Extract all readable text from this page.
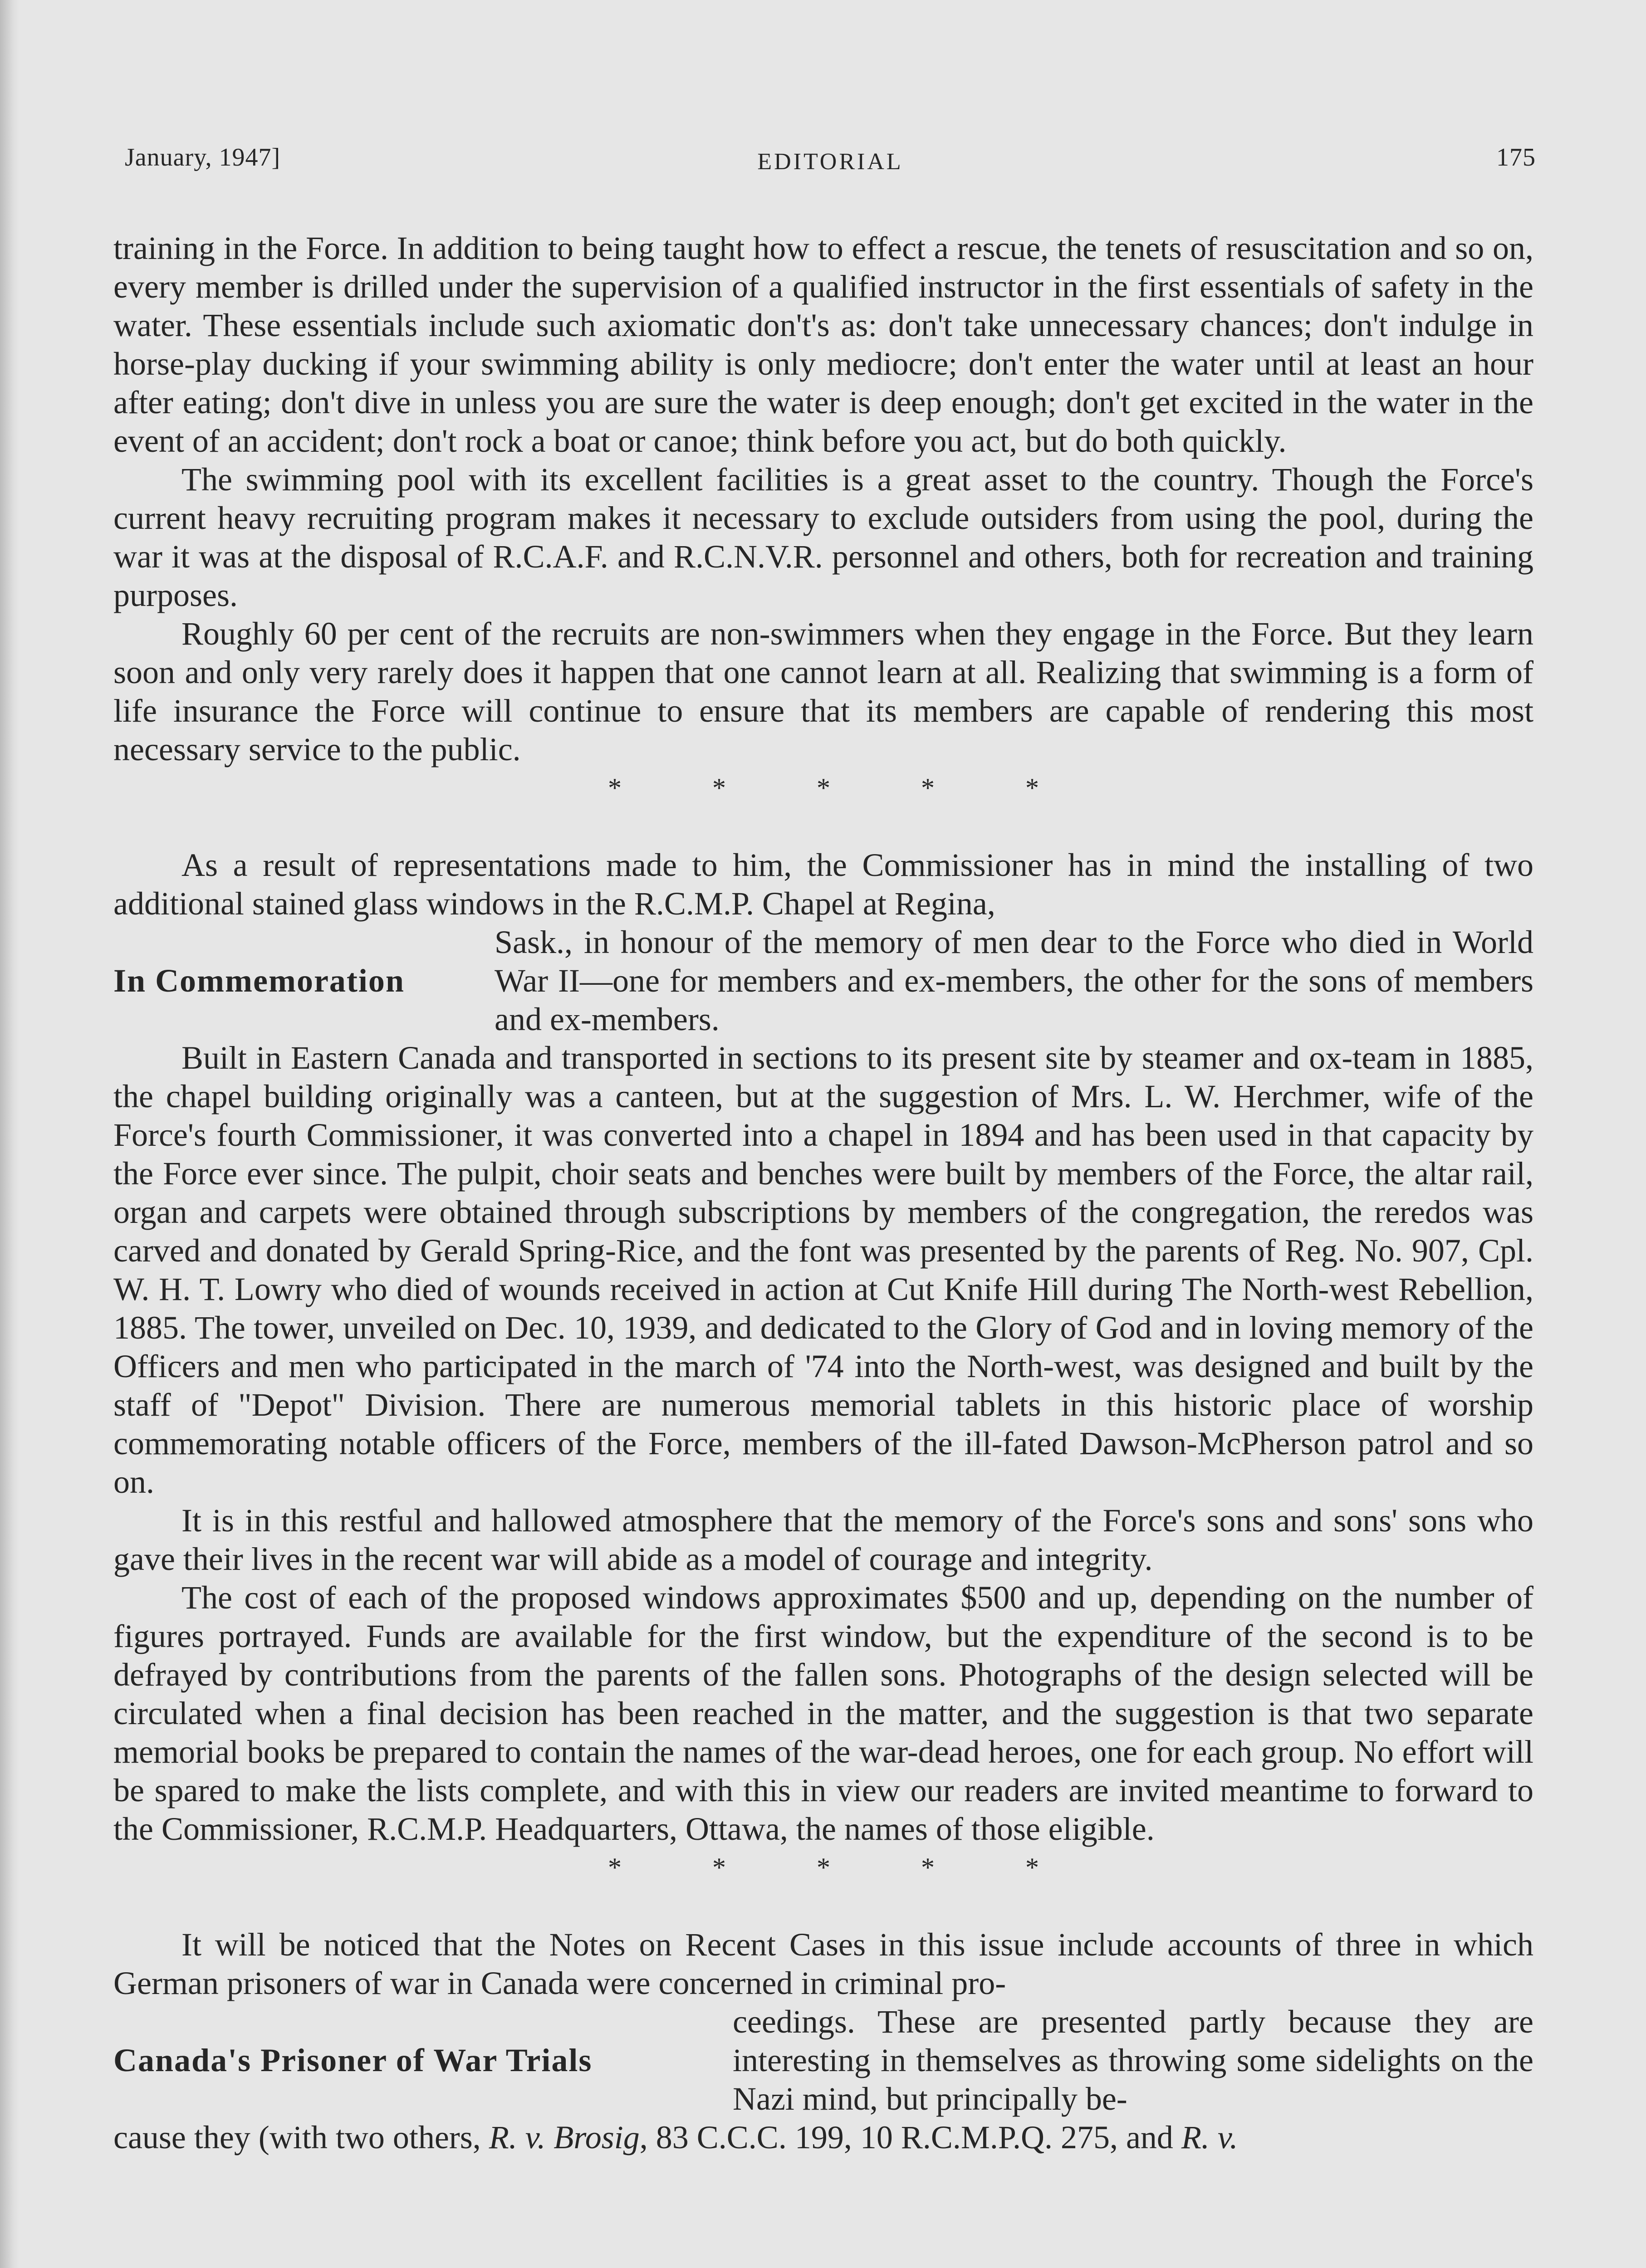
January, 1947]	EDITORIAL	175

training in the Force. In addition to being taught how to effect a rescue, the tenets of resuscitation and so on, every member is drilled under the supervision of a qualified instructor in the first essentials of safety in the water. These essentials include such axiomatic don't's as: don't take unnecessary chances; don't indulge in horse-play ducking if your swimming ability is only mediocre; don't enter the water until at least an hour after eating; don't dive in unless you are sure the water is deep enough; don't get excited in the water in the event of an accident; don't rock a boat or canoe; think before you act, but do both quickly.

The swimming pool with its excellent facilities is a great asset to the country. Though the Force's current heavy recruiting program makes it necessary to exclude outsiders from using the pool, during the war it was at the disposal of R.C.A.F. and R.C.N.V.R. personnel and others, both for recreation and training purposes.

Roughly 60 per cent of the recruits are non-swimmers when they engage in the Force. But they learn soon and only very rarely does it happen that one cannot learn at all. Realizing that swimming is a form of life insurance the Force will continue to ensure that its members are capable of rendering this most necessary service to the public.

*	*	*	*	*

As a result of representations made to him, the Commissioner has in mind the installing of two additional stained glass windows in the R.C.M.P. Chapel at Regina,

In Commemoration

Sask., in honour of the memory of men dear to the Force who died in World War II—one for members and ex-members, the other for the sons of members and ex-members.

Built in Eastern Canada and transported in sections to its present site by steamer and ox-team in 1885, the chapel building originally was a canteen, but at the suggestion of Mrs. L. W. Herchmer, wife of the Force's fourth Commissioner, it was converted into a chapel in 1894 and has been used in that capacity by the Force ever since. The pulpit, choir seats and benches were built by members of the Force, the altar rail, organ and carpets were obtained through subscriptions by members of the congregation, the reredos was carved and donated by Gerald Spring-Rice, and the font was presented by the parents of Reg. No. 907, Cpl. W. H. T. Lowry who died of wounds received in action at Cut Knife Hill during The North-west Rebellion, 1885. The tower, unveiled on Dec. 10, 1939, and dedicated to the Glory of God and in loving memory of the Officers and men who participated in the march of '74 into the North-west, was designed and built by the staff of "Depot" Division. There are numerous memorial tablets in this historic place of worship commemorating notable officers of the Force, members of the ill-fated Dawson-McPherson patrol and so on.

It is in this restful and hallowed atmosphere that the memory of the Force's sons and sons' sons who gave their lives in the recent war will abide as a model of courage and integrity.

The cost of each of the proposed windows approximates $500 and up, depending on the number of figures portrayed. Funds are available for the first window, but the expenditure of the second is to be defrayed by contributions from the parents of the fallen sons. Photographs of the design selected will be circulated when a final decision has been reached in the matter, and the suggestion is that two separate memorial books be prepared to contain the names of the war-dead heroes, one for each group. No effort will be spared to make the lists complete, and with this in view our readers are invited meantime to forward to the Commissioner, R.C.M.P. Headquarters, Ottawa, the names of those eligible.

*	*	*	*	*

It will be noticed that the Notes on Recent Cases in this issue include accounts of three in which German prisoners of war in Canada were concerned in criminal pro-

Canada's Prisoner of War Trials

ceedings. These are presented partly because they are interesting in themselves as throwing some sidelights on the Nazi mind, but principally be-

cause they (with two others, R. v. Brosig, 83 C.C.C. 199, 10 R.C.M.P.Q. 275, and R. v.
